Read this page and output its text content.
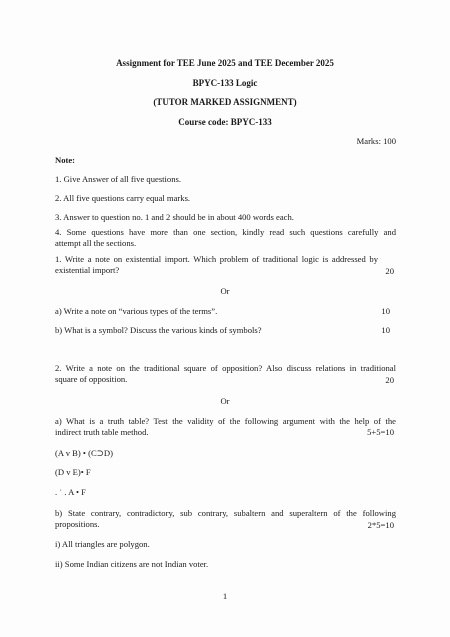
Assignment for TEE June 2025 and TEE December 2025
BPYC-133 Logic
(TUTOR MARKED ASSIGNMENT)
Course code: BPYC-133
Marks: 100
Note:
1. Give Answer of all five questions.
2. All five questions carry equal marks.
3. Answer to question no. 1 and 2 should be in about 400 words each.
4. Some questions have more than one section, kindly read such questions carefully and
attempt all the sections.
1. Write a note on existential import. Which problem of traditional logic is addressed by
existential import?	20
Or
a) Write a note on “various types of the terms”.	10
b) What is a symbol? Discuss the various kinds of symbols?	10
2. Write a note on the traditional square of opposition? Also discuss relations in traditional
square of opposition.	20
Or
a) What is a truth table? Test the validity of the following argument with the help of the
indirect truth table method.	5+5=10
(A v B) • (C⊃D)
(D v E)• F
. ˙ . A • F
b) State contrary, contradictory, sub contrary, subaltern and superaltern of the following
propositions.	2*5=10
i) All triangles are polygon.
ii) Some Indian citizens are not Indian voter.
1
